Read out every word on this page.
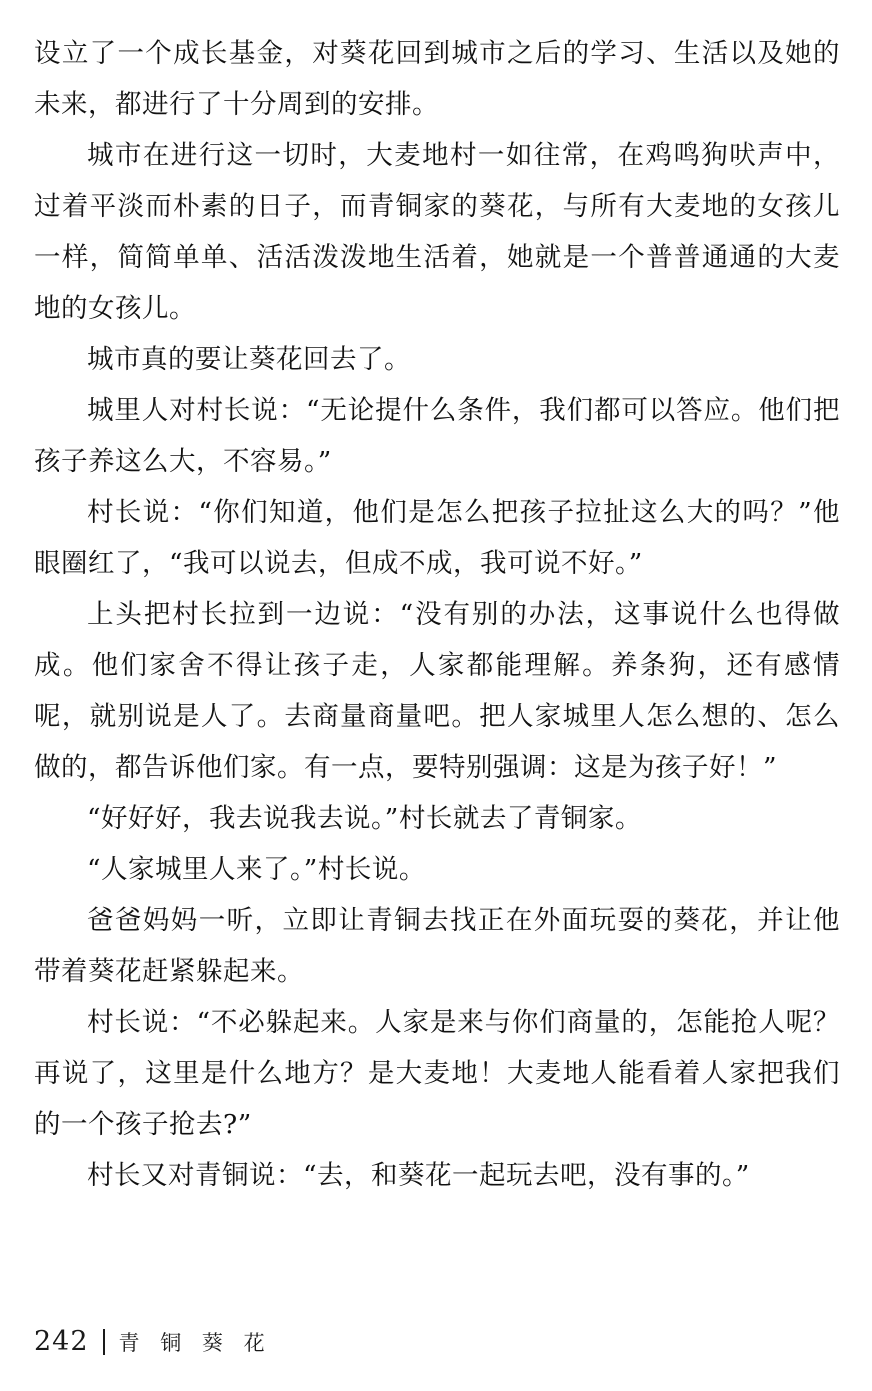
设立了一个成长基金，对葵花回到城市之后的学习、生活以及她的未来，都进行了十分周到的安排。

城市在进行这一切时，大麦地村一如往常，在鸡鸣狗吠声中，过着平淡而朴素的日子，而青铜家的葵花，与所有大麦地的女孩儿一样，简简单单、活活泼泼地生活着，她就是一个普普通通的大麦地的女孩儿。

城市真的要让葵花回去了。

城里人对村长说：“无论提什么条件，我们都可以答应。他们把孩子养这么大，不容易。”

村长说：“你们知道，他们是怎么把孩子拉扯这么大的吗？”他眼圈红了，“我可以说去，但成不成，我可说不好。”

上头把村长拉到一边说：“没有别的办法，这事说什么也得做成。他们家舍不得让孩子走，人家都能理解。养条狗，还有感情呢，就别说是人了。去商量商量吧。把人家城里人怎么想的、怎么做的，都告诉他们家。有一点，要特别强调：这是为孩子好！”

“好好好，我去说我去说。”村长就去了青铜家。

“人家城里人来了。”村长说。

爸爸妈妈一听，立即让青铜去找正在外面玩耍的葵花，并让他带着葵花赶紧躲起来。

村长说：“不必躲起来。人家是来与你们商量的，怎能抢人呢？再说了，这里是什么地方？是大麦地！大麦地人能看着人家把我们的一个孩子抢去?”

村长又对青铜说：“去，和葵花一起玩去吧，没有事的。”

242 青 铜 葵 花
